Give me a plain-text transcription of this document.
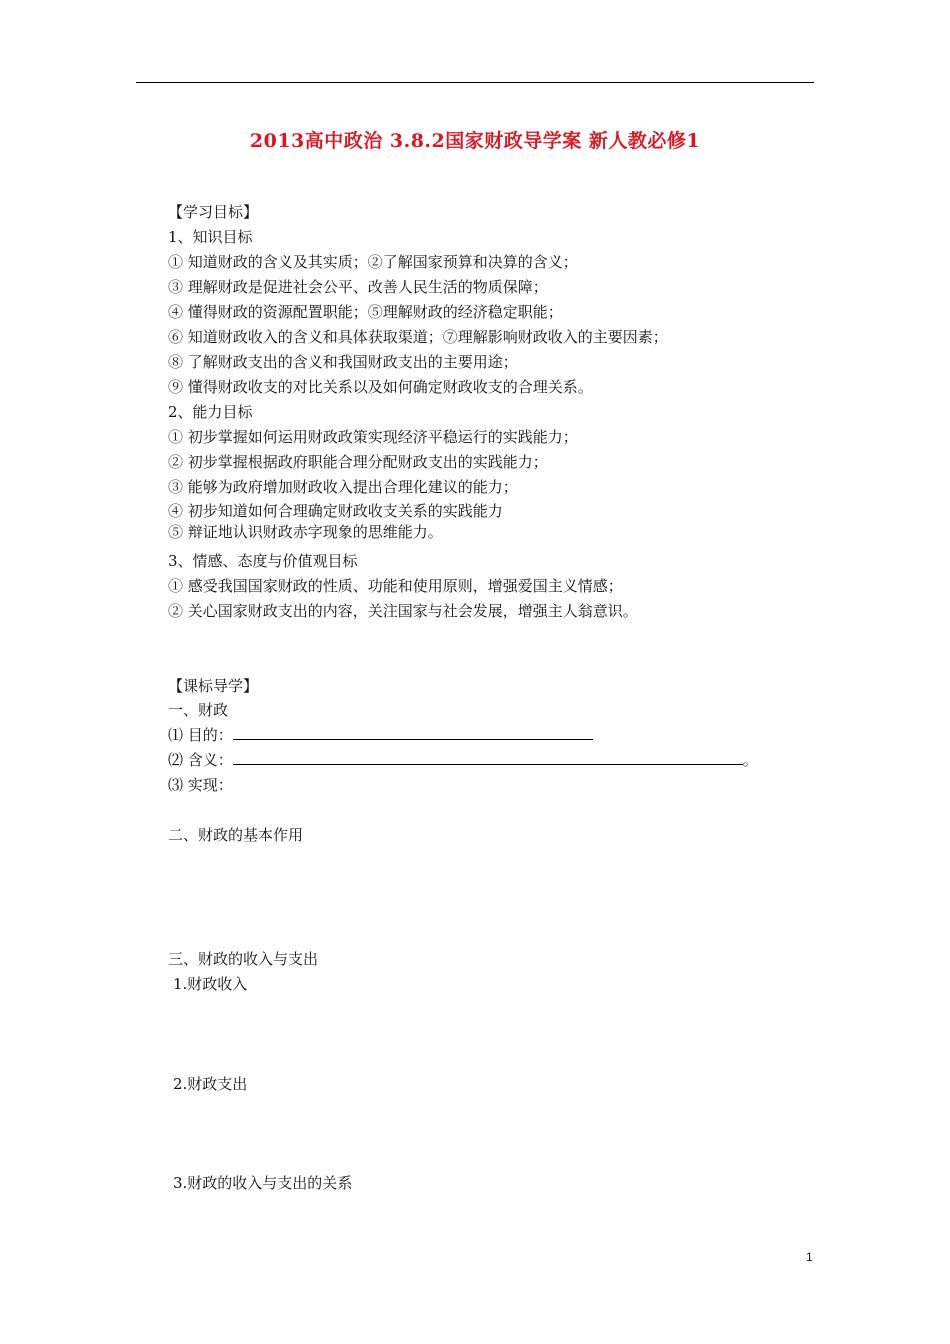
2013高中政治 3.8.2国家财政导学案 新人教必修1
【学习目标】
1、知识目标
① 知道财政的含义及其实质；②了解国家预算和决算的含义；
③ 理解财政是促进社会公平、改善人民生活的物质保障；
④ 懂得财政的资源配置职能；⑤理解财政的经济稳定职能；
⑥ 知道财政收入的含义和具体获取渠道；⑦理解影响财政收入的主要因素；
⑧ 了解财政支出的含义和我国财政支出的主要用途；
⑨ 懂得财政收支的对比关系以及如何确定财政收支的合理关系。
2、能力目标
① 初步掌握如何运用财政政策实现经济平稳运行的实践能力；
② 初步掌握根据政府职能合理分配财政支出的实践能力；
③ 能够为政府增加财政收入提出合理化建议的能力；
④ 初步知道如何合理确定财政收支关系的实践能力
⑤ 辩证地认识财政赤字现象的思维能力。
3、情感、态度与价值观目标
① 感受我国国家财政的性质、功能和使用原则，增强爱国主义情感；
② 关心国家财政支出的内容，关注国家与社会发展，增强主人翁意识。
【课标导学】
一、财政
⑴ 目的：
⑵ 含义：	。
⑶ 实现：
二、财政的基本作用
三、财政的收入与支出
1.财政收入
2.财政支出
3.财政的收入与支出的关系
1
